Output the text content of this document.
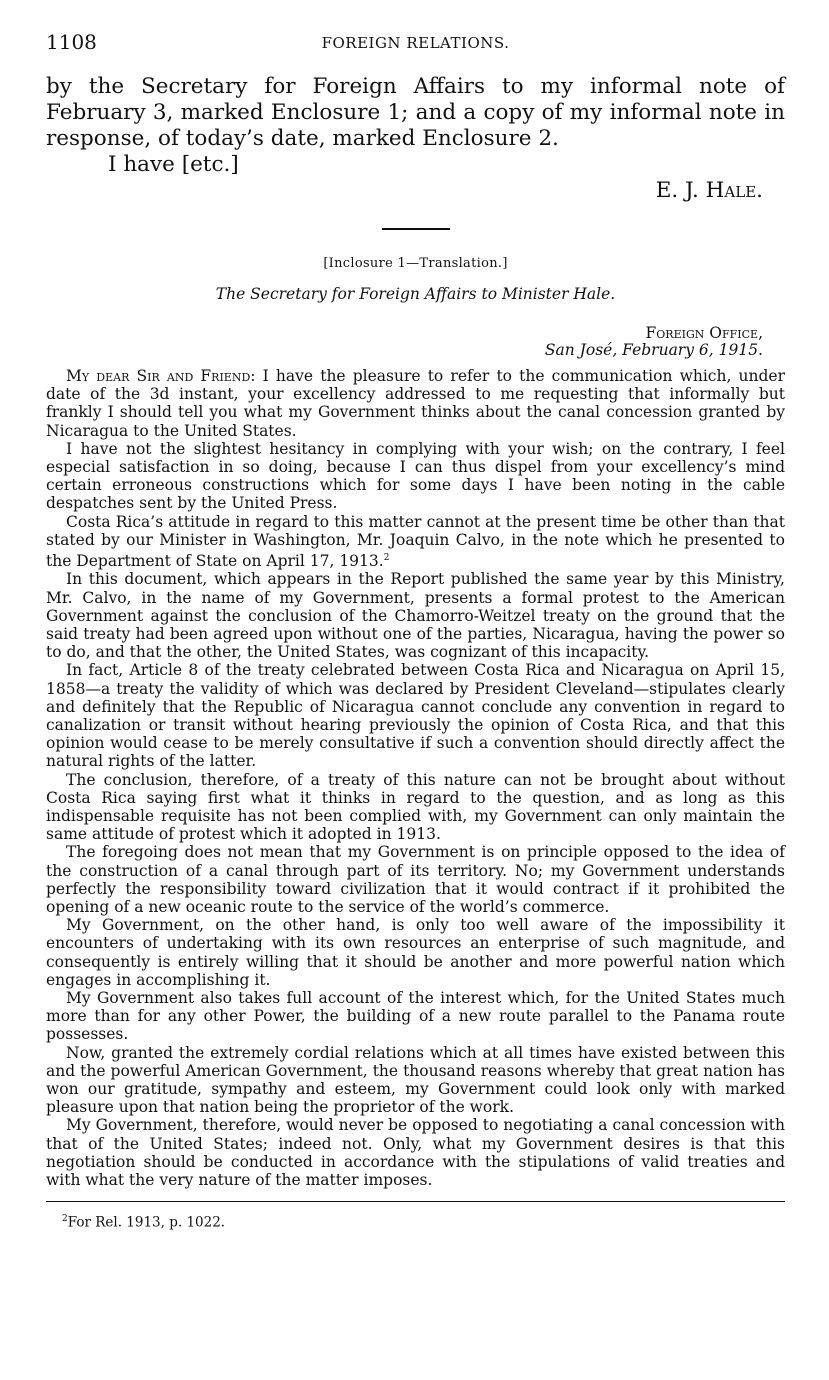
1108	FOREIGN RELATIONS.

by the Secretary for Foreign Affairs to my informal note of February 3, marked Enclosure 1; and a copy of my informal note in response, of today’s date, marked Enclosure 2.

I have [etc.]

E. J. Hale.
[Inclosure 1—Translation.]
The Secretary for Foreign Affairs to Minister Hale.
Foreign Office,
San José, February 6, 1915.

My dear Sir and Friend: I have the pleasure to refer to the communication which, under date of the 3d instant, your excellency addressed to me requesting that informally but frankly I should tell you what my Government thinks about the canal concession granted by Nicaragua to the United States.

I have not the slightest hesitancy in complying with your wish; on the contrary, I feel especial satisfaction in so doing, because I can thus dispel from your excellency’s mind certain erroneous constructions which for some days I have been noting in the cable despatches sent by the United Press.

Costa Rica’s attitude in regard to this matter cannot at the present time be other than that stated by our Minister in Washington, Mr. Joaquin Calvo, in the note which he presented to the Department of State on April 17, 1913.$^2$

In this document, which appears in the Report published the same year by this Ministry, Mr. Calvo, in the name of my Government, presents a formal protest to the American Government against the conclusion of the Chamorro-Weitzel treaty on the ground that the said treaty had been agreed upon without one of the parties, Nicaragua, having the power so to do, and that the other, the United States, was cognizant of this incapacity.

In fact, Article 8 of the treaty celebrated between Costa Rica and Nicaragua on April 15, 1858—a treaty the validity of which was declared by President Cleveland—stipulates clearly and definitely that the Republic of Nicaragua cannot conclude any convention in regard to canalization or transit without hearing previously the opinion of Costa Rica, and that this opinion would cease to be merely consultative if such a convention should directly affect the natural rights of the latter.

The conclusion, therefore, of a treaty of this nature can not be brought about without Costa Rica saying first what it thinks in regard to the question, and as long as this indispensable requisite has not been complied with, my Government can only maintain the same attitude of protest which it adopted in 1913.

The foregoing does not mean that my Government is on principle opposed to the idea of the construction of a canal through part of its territory. No; my Government understands perfectly the responsibility toward civilization that it would contract if it prohibited the opening of a new oceanic route to the service of the world’s commerce.

My Government, on the other hand, is only too well aware of the impossibility it encounters of undertaking with its own resources an enterprise of such magnitude, and consequently is entirely willing that it should be another and more powerful nation which engages in accomplishing it.

My Government also takes full account of the interest which, for the United States much more than for any other Power, the building of a new route parallel to the Panama route possesses.

Now, granted the extremely cordial relations which at all times have existed between this and the powerful American Government, the thousand reasons whereby that great nation has won our gratitude, sympathy and esteem, my Government could look only with marked pleasure upon that nation being the proprietor of the work.

My Government, therefore, would never be opposed to negotiating a canal concession with that of the United States; indeed not. Only, what my Government desires is that this negotiation should be conducted in accordance with the stipulations of valid treaties and with what the very nature of the matter imposes.

$^2$For Rel. 1913, p. 1022.
